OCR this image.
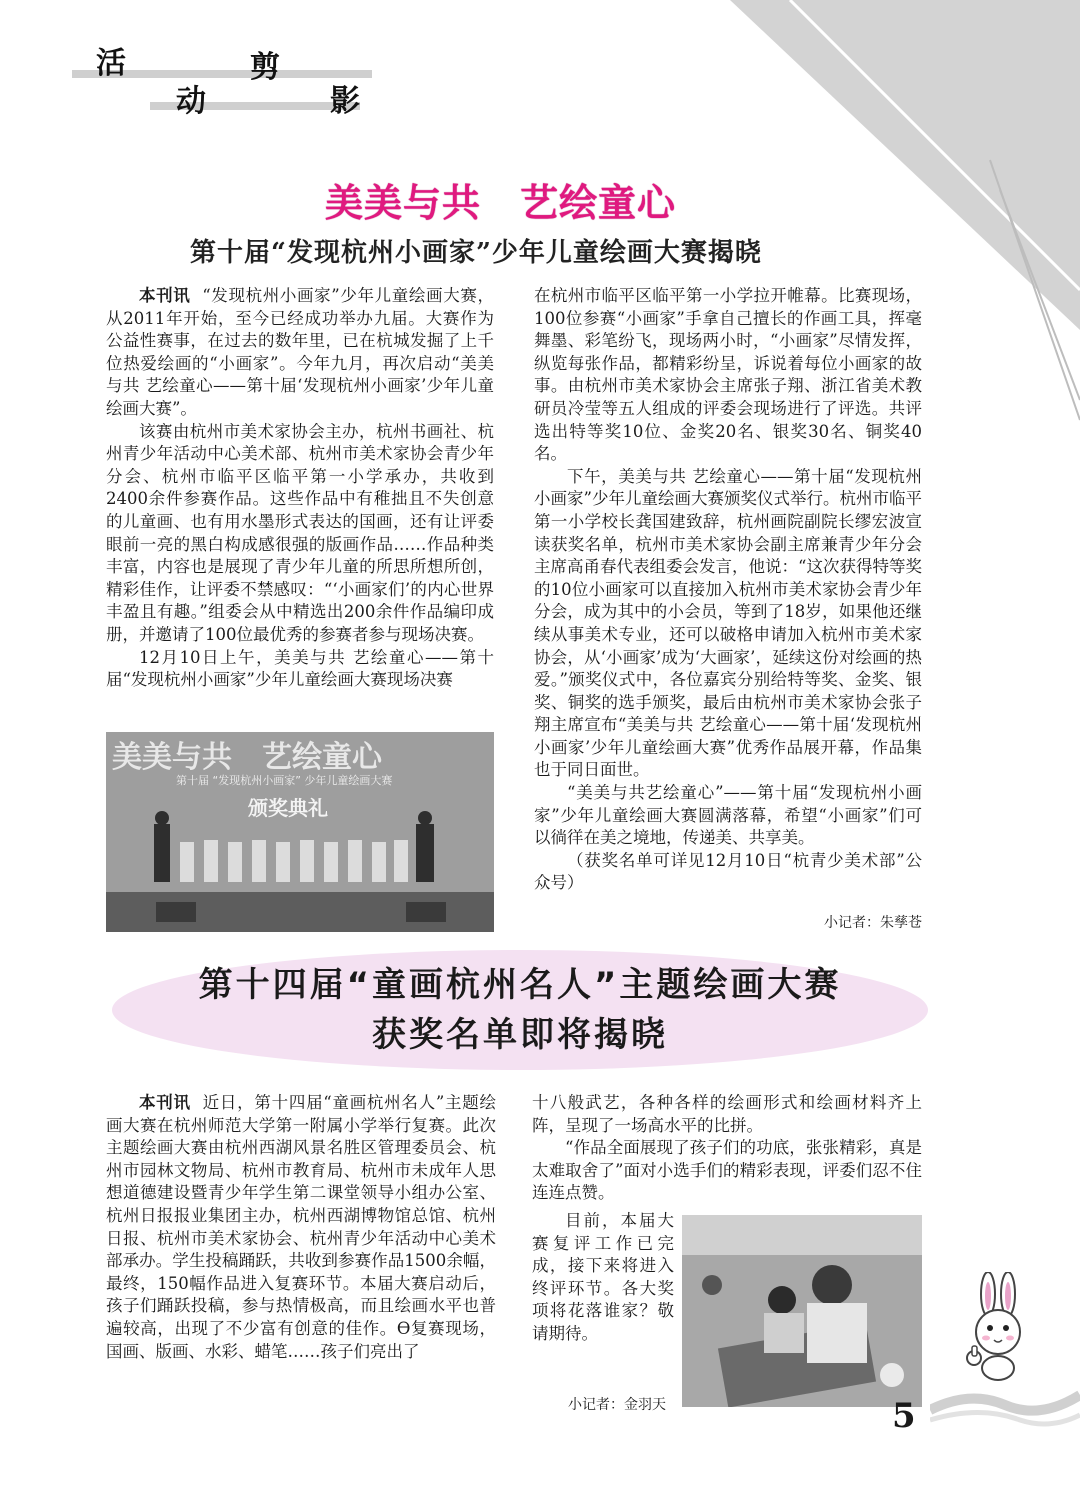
活
动
剪
影
美美与共　艺绘童心
第十届“发现杭州小画家”少年儿童绘画大赛揭晓

本刊讯 “发现杭州小画家”少年儿童绘画大赛，从2011年开始，至今已经成功举办九届。大赛作为公益性赛事，在过去的数年里，已在杭城发掘了上千位热爱绘画的“小画家”。今年九月，再次启动“美美与共 艺绘童心——第十届‘发现杭州小画家’少年儿童绘画大赛”。

该赛由杭州市美术家协会主办，杭州书画社、杭州青少年活动中心美术部、杭州市美术家协会青少年分会、杭州市临平区临平第一小学承办，共收到2400余件参赛作品。这些作品中有稚拙且不失创意的儿童画、也有用水墨形式表达的国画，还有让评委眼前一亮的黑白构成感很强的版画作品……作品种类丰富，内容也是展现了青少年儿童的所思所想所创，精彩佳作，让评委不禁感叹：“‘小画家们’的内心世界丰盈且有趣。”组委会从中精选出200余件作品编印成册，并邀请了100位最优秀的参赛者参与现场决赛。

12月10日上午，美美与共 艺绘童心——第十届“发现杭州小画家”少年儿童绘画大赛现场决赛

美美与共　艺绘童心
第十届 “发现杭州小画家” 少年儿童绘画大赛
颁奖典礼

在杭州市临平区临平第一小学拉开帷幕。比赛现场，100位参赛“小画家”手拿自己擅长的作画工具，挥毫舞墨、彩笔纷飞，现场两小时，“小画家”尽情发挥，纵览每张作品，都精彩纷呈，诉说着每位小画家的故事。由杭州市美术家协会主席张子翔、浙江省美术教研员冷莹等五人组成的评委会现场进行了评选。共评选出特等奖10位、金奖20名、银奖30名、铜奖40名。

下午，美美与共 艺绘童心——第十届“发现杭州小画家”少年儿童绘画大赛颁奖仪式举行。杭州市临平第一小学校长龚国建致辞，杭州画院副院长缪宏波宣读获奖名单，杭州市美术家协会副主席兼青少年分会主席高甬春代表组委会发言，他说：“这次获得特等奖的10位小画家可以直接加入杭州市美术家协会青少年分会，成为其中的小会员，等到了18岁，如果他还继续从事美术专业，还可以破格申请加入杭州市美术家协会，从‘小画家’成为‘大画家’，延续这份对绘画的热爱。”颁奖仪式中，各位嘉宾分别给特等奖、金奖、银奖、铜奖的选手颁奖，最后由杭州市美术家协会张子翔主席宣布“美美与共 艺绘童心——第十届‘发现杭州小画家’少年儿童绘画大赛”优秀作品展开幕，作品集也于同日面世。

“美美与共艺绘童心”——第十届“发现杭州小画家”少年儿童绘画大赛圆满落幕，希望“小画家”们可以徜徉在美之境地，传递美、共享美。

（获奖名单可详见12月10日“杭青少美术部”公众号）

小记者：朱孳苍
第十四届“童画杭州名人”主题绘画大赛
获奖名单即将揭晓

本刊讯 近日，第十四届“童画杭州名人”主题绘画大赛在杭州师范大学第一附属小学举行复赛。此次主题绘画大赛由杭州西湖风景名胜区管理委员会、杭州市园林文物局、杭州市教育局、杭州市未成年人思想道德建设暨青少年学生第二课堂领导小组办公室、杭州日报报业集团主办，杭州西湖博物馆总馆、杭州日报、杭州市美术家协会、杭州青少年活动中心美术部承办。学生投稿踊跃，共收到参赛作品1500余幅，最终，150幅作品进入复赛环节。本届大赛启动后，孩子们踊跃投稿，参与热情极高，而且绘画水平也普遍较高，出现了不少富有创意的佳作。ϴ复赛现场，国画、版画、水彩、蜡笔……孩子们亮出了

十八般武艺，各种各样的绘画形式和绘画材料齐上阵，呈现了一场高水平的比拼。

“作品全面展现了孩子们的功底，张张精彩，真是太难取舍了”面对小选手们的精彩表现，评委们忍不住连连点赞。

目前，本届大赛复评工作已完成，接下来将进入终评环节。各大奖项将花落谁家？敬请期待。

小记者：金羽天	5
